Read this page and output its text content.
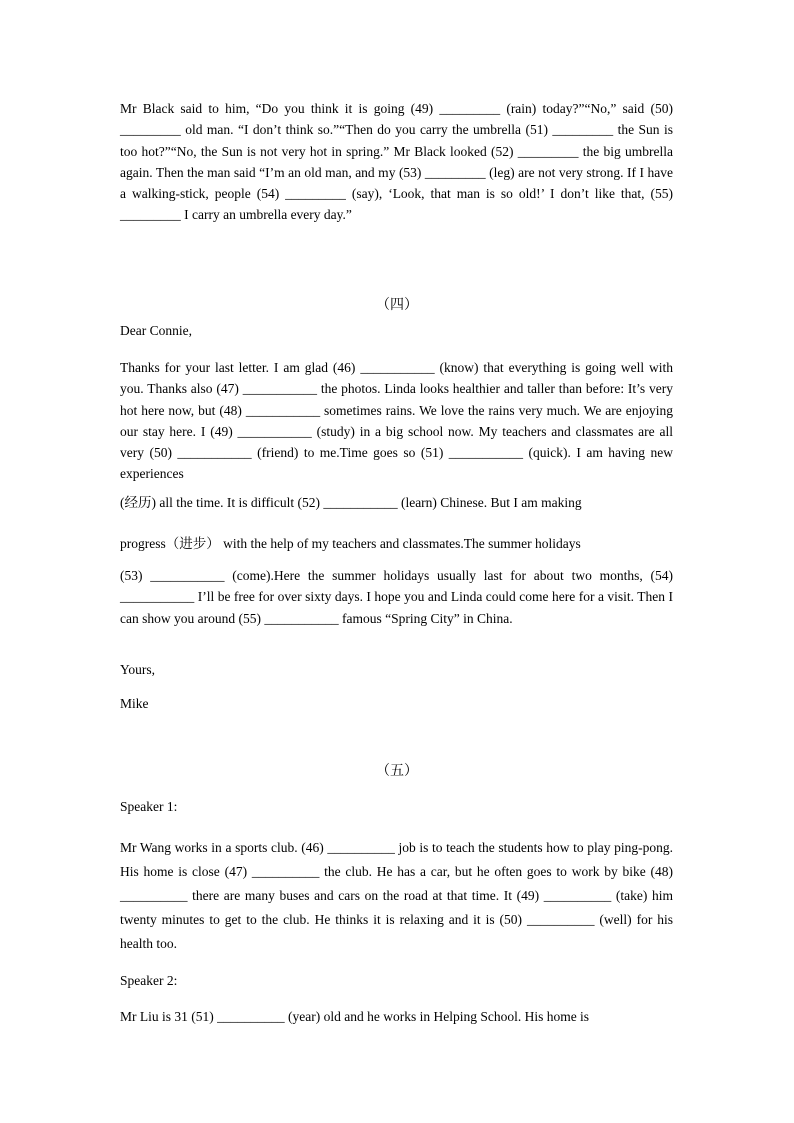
Mr Black said to him, “Do you think it is going (49) _________ (rain) today?”“No,” said (50) _________ old man. “I don’t think so.”“Then do you carry the umbrella (51) _________ the Sun is too hot?”“No, the Sun is not very hot in spring.” Mr Black looked (52) _________ the big umbrella again. Then the man said “I’m an old man, and my (53) _________ (leg) are not very strong. If I have a walking-stick, people (54) _________ (say), ‘Look, that man is so old!’ I don’t like that, (55) _________ I carry an umbrella every day.”

（四）
Dear Connie,

Thanks for your last letter. I am glad (46) ___________ (know) that everything is going well with you. Thanks also (47) ___________ the photos. Linda looks healthier and taller than before: It’s very hot here now, but (48) ___________ sometimes rains. We love the rains very much. We are enjoying our stay here. I (49) ___________ (study) in a big school now. My teachers and classmates are all very (50) ___________ (friend) to me.Time goes so (51) ___________ (quick). I am having new experiences

(经历) all the time. It is difficult (52) ___________ (learn) Chinese. But I am making

progress（进步） with the help of my teachers and classmates.The summer holidays

(53) ___________ (come).Here the summer holidays usually last for about two months, (54) ___________ I’ll be free for over sixty days. I hope you and Linda could come here for a visit. Then I can show you around (55) ___________ famous “Spring City” in China.

Yours,
Mike
（五）
Speaker 1:

Mr Wang works in a sports club. (46) __________ job is to teach the students how to play ping-pong. His home is close (47) __________ the club. He has a car, but he often goes to work by bike (48) __________ there are many buses and cars on the road at that time. It (49) __________ (take) him twenty minutes to get to the club. He thinks it is relaxing and it is (50) __________ (well) for his health too.

Speaker 2:

Mr Liu is 31 (51) __________ (year) old and he works in Helping School. His home is
